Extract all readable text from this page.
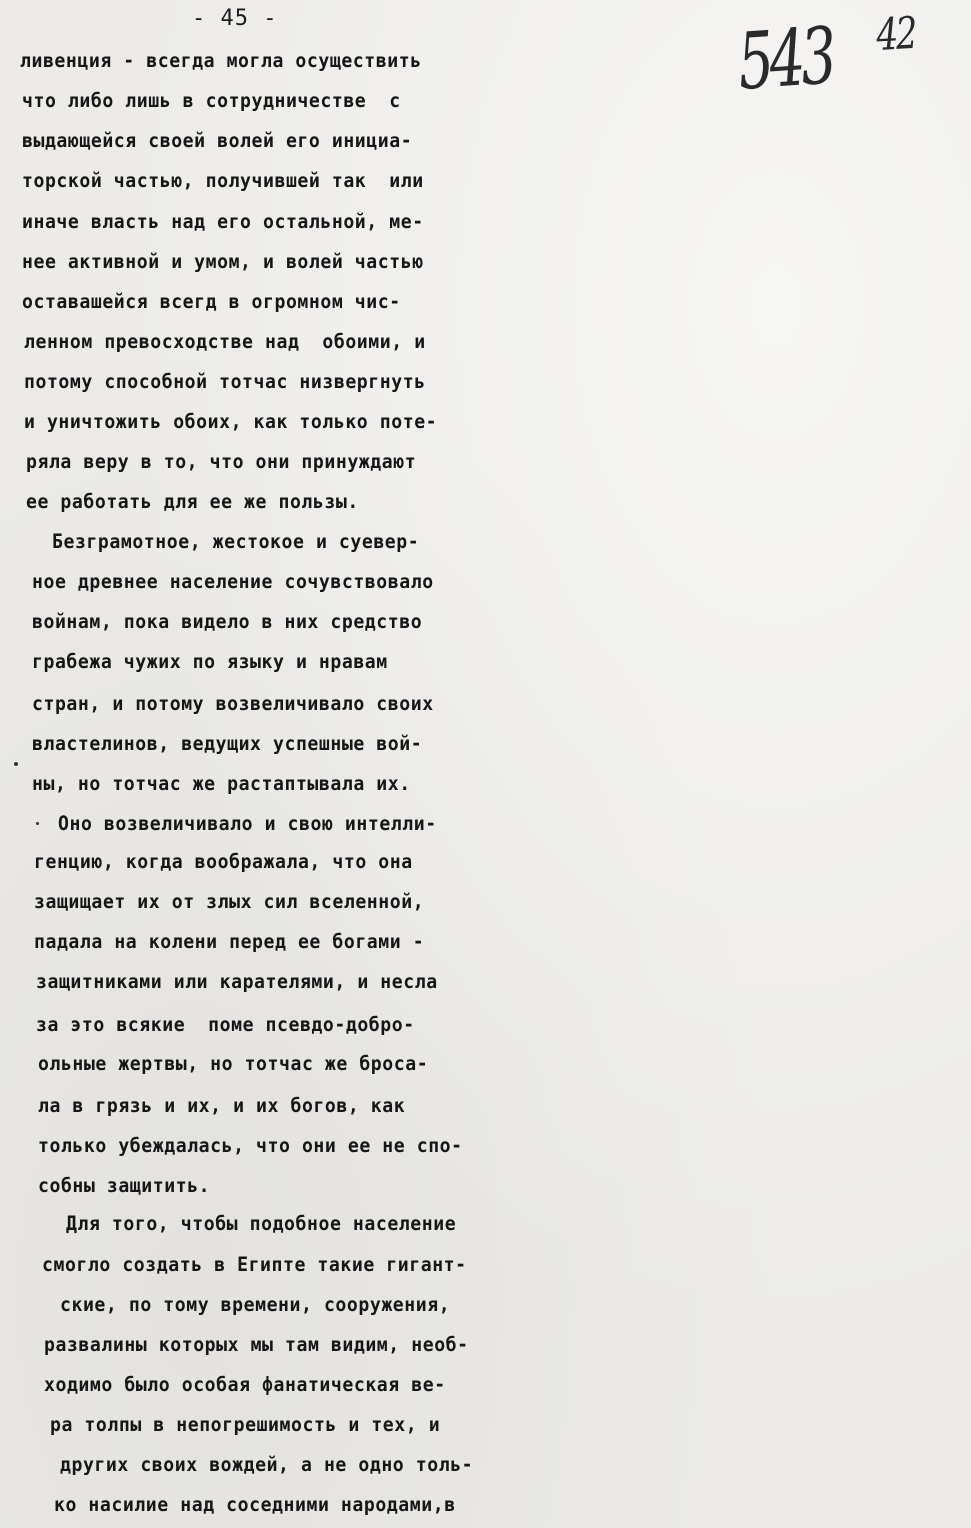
- 45 -	543 42
ливенция - всегда могла осуществить
что либо лишь в сотрудничестве  с
выдающейся своей волей его инициа-
торской частью, получившей так  или
иначе власть над его остальной, ме-
нее активной и умом, и волей частью
оставашейся всегд в огромном чис-
ленном превосходстве над  обоими, и
потому способной тотчас низвергнуть
и уничтожить обоих, как только поте-
ряла веру в то, что они принуждают
ее работать для ее же пользы.
Безграмотное, жестокое и суевер-
ное древнее население сочувствовало
войнам, пока видело в них средство
грабежа чужих по языку и нравам
стран, и потому возвеличивало своих
властелинов, ведущих успешные вой-
ны, но тотчас же растаптывала их.
Оно возвеличивало и свою интелли-
генцию, когда воображала, что она
защищает их от злых сил вселенной,
падала на колени перед ее богами -
защитниками или карателями, и несла
за это всякие  поме псевдо-добро-
ольные жертвы, но тотчас же броса-
ла в грязь и их, и их богов, как
только убеждалась, что они ее не спо-
собны защитить.
Для того, чтобы подобное население
смогло создать в Египте такие гигант-
ские, по тому времени, сооружения,
развалины которых мы там видим, необ-
ходимо было особая фанатическая ве-
ра толпы в непогрешимость и тех, и
других своих вождей, а не одно толь-
ко насилие над соседними народами,в
